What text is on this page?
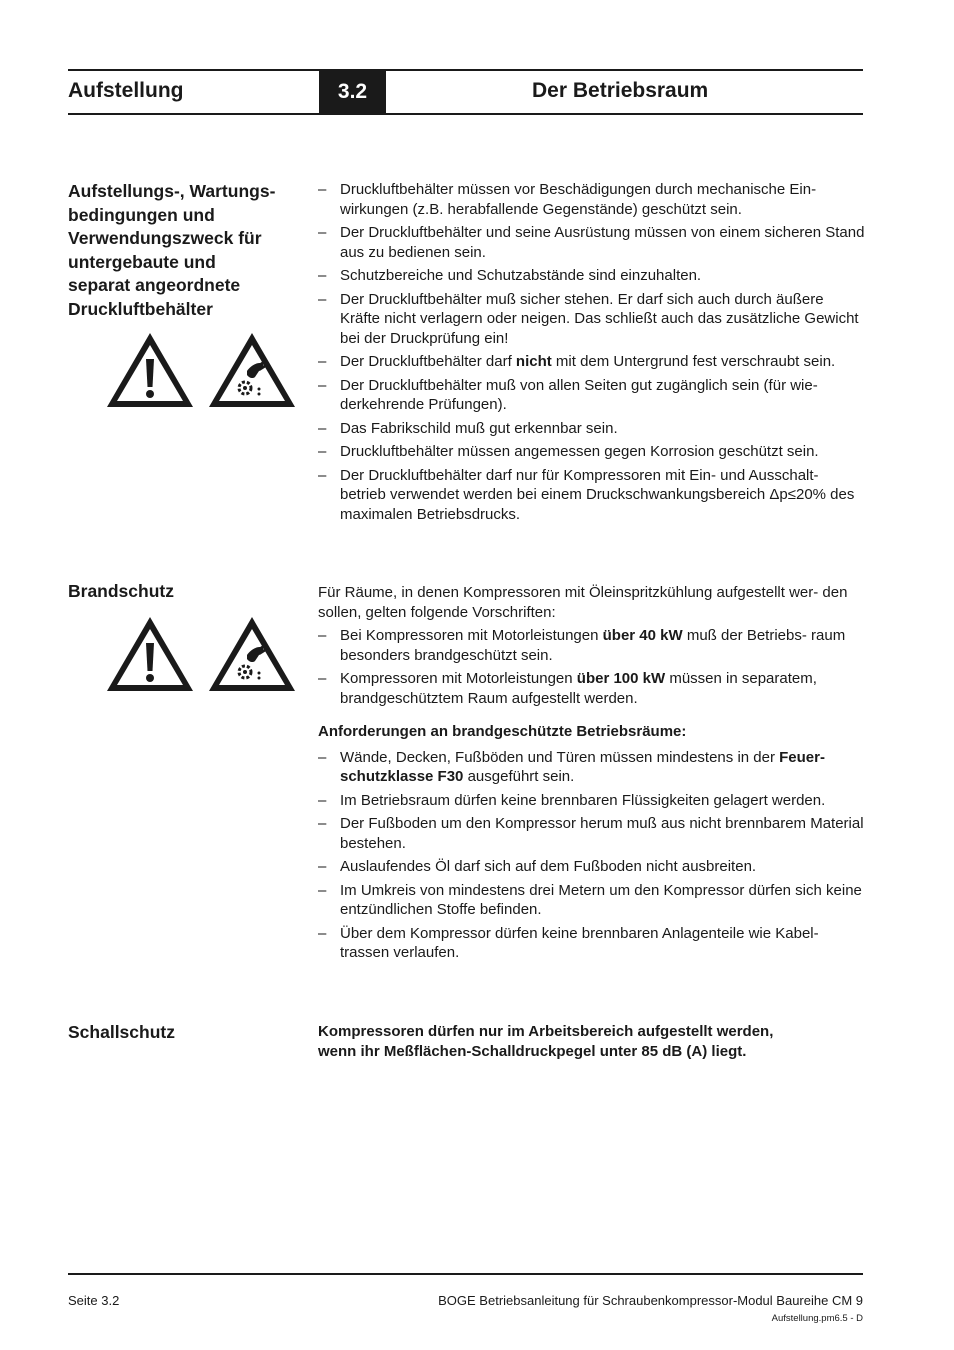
Aufstellung	3.2	Der Betriebsraum
Aufstellungs-, Wartungs-
bedingungen und
Verwendungszweck für
untergebaute und
separat angeordnete
Druckluftbehälter
– Druckluftbehälter müssen vor Beschädigungen durch mechanische Ein- wirkungen (z.B. herabfallende Gegenstände) geschützt sein.
– Der Druckluftbehälter und seine Ausrüstung müssen von einem sicheren Stand aus zu bedienen sein.
– Schutzbereiche und Schutzabstände sind einzuhalten.
– Der Druckluftbehälter muß sicher stehen. Er darf sich auch durch äußere Kräfte nicht verlagern oder neigen. Das schließt auch das zusätzliche Gewicht bei der Druckprüfung ein!
– Der Druckluftbehälter darf nicht mit dem Untergrund fest verschraubt sein.
– Der Druckluftbehälter muß von allen Seiten gut zugänglich sein (für wie- derkehrende Prüfungen).
– Das Fabrikschild muß gut erkennbar sein.
– Druckluftbehälter müssen angemessen gegen Korrosion geschützt sein.
– Der Druckluftbehälter darf nur für Kompressoren mit Ein- und Ausschalt- betrieb verwendet werden bei einem Druckschwankungsbereich Δp≤20% des maximalen Betriebsdrucks.
Brandschutz	Für Räume, in denen Kompressoren mit Öleinspritzkühlung aufgestellt wer- den sollen, gelten folgende Vorschriften:

– Bei Kompressoren mit Motorleistungen über 40 kW muß der Betriebs- raum besonders brandgeschützt sein.
– Kompressoren mit Motorleistungen über 100 kW müssen in separatem, brandgeschütztem Raum aufgestellt werden.

Anforderungen an brandgeschützte Betriebsräume:

– Wände, Decken, Fußböden und Türen müssen mindestens in der Feuer- schutzklasse F30 ausgeführt sein.
– Im Betriebsraum dürfen keine brennbaren Flüssigkeiten gelagert werden.
– Der Fußboden um den Kompressor herum muß aus nicht brennbarem Material bestehen.
– Auslaufendes Öl darf sich auf dem Fußboden nicht ausbreiten.
– Im Umkreis von mindestens drei Metern um den Kompressor dürfen sich keine entzündlichen Stoffe befinden.
– Über dem Kompressor dürfen keine brennbaren Anlagenteile wie Kabel- trassen verlaufen.
Schallschutz	Kompressoren dürfen nur im Arbeitsbereich aufgestellt werden,
wenn ihr Meßflächen-Schalldruckpegel unter 85 dB (A) liegt.
Seite 3.2	BOGE Betriebsanleitung für Schraubenkompressor-Modul Baureihe CM 9
Aufstellung.pm6.5 - D
